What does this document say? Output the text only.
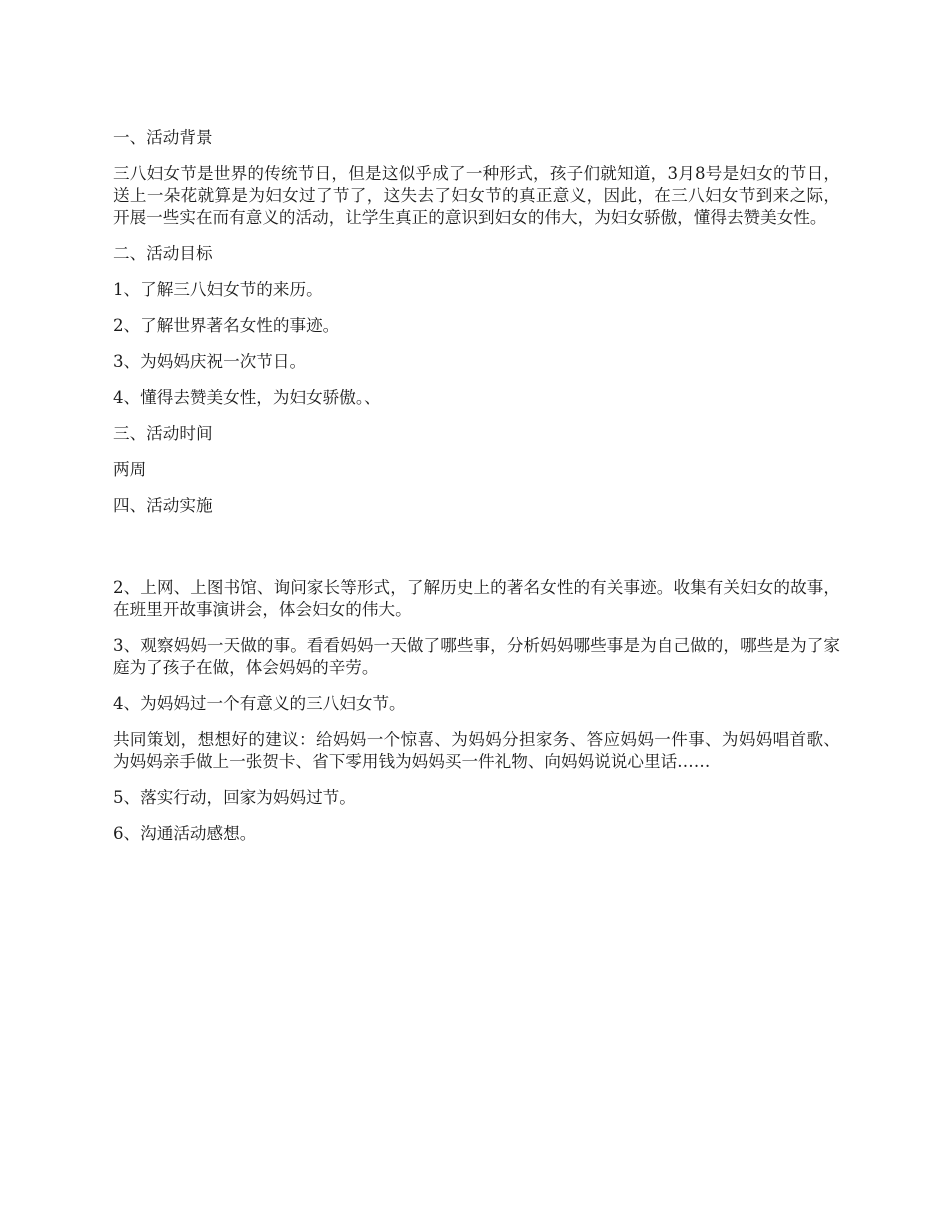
一、活动背景

三八妇女节是世界的传统节日，但是这似乎成了一种形式，孩子们就知道，3月8号是妇女的节日，送上一朵花就算是为妇女过了节了，这失去了妇女节的真正意义，因此，在三八妇女节到来之际，开展一些实在而有意义的活动，让学生真正的意识到妇女的伟大，为妇女骄傲，懂得去赞美女性。

二、活动目标

1、了解三八妇女节的来历。

2、了解世界著名女性的事迹。

3、为妈妈庆祝一次节日。

4、懂得去赞美女性，为妇女骄傲。、

三、活动时间

两周

四、活动实施

2、上网、上图书馆、询问家长等形式，了解历史上的著名女性的有关事迹。收集有关妇女的故事，在班里开故事演讲会，体会妇女的伟大。

3、观察妈妈一天做的事。看看妈妈一天做了哪些事，分析妈妈哪些事是为自己做的，哪些是为了家庭为了孩子在做，体会妈妈的辛劳。

4、为妈妈过一个有意义的三八妇女节。

共同策划，想想好的建议：给妈妈一个惊喜、为妈妈分担家务、答应妈妈一件事、为妈妈唱首歌、为妈妈亲手做上一张贺卡、省下零用钱为妈妈买一件礼物、向妈妈说说心里话……

5、落实行动，回家为妈妈过节。

6、沟通活动感想。
